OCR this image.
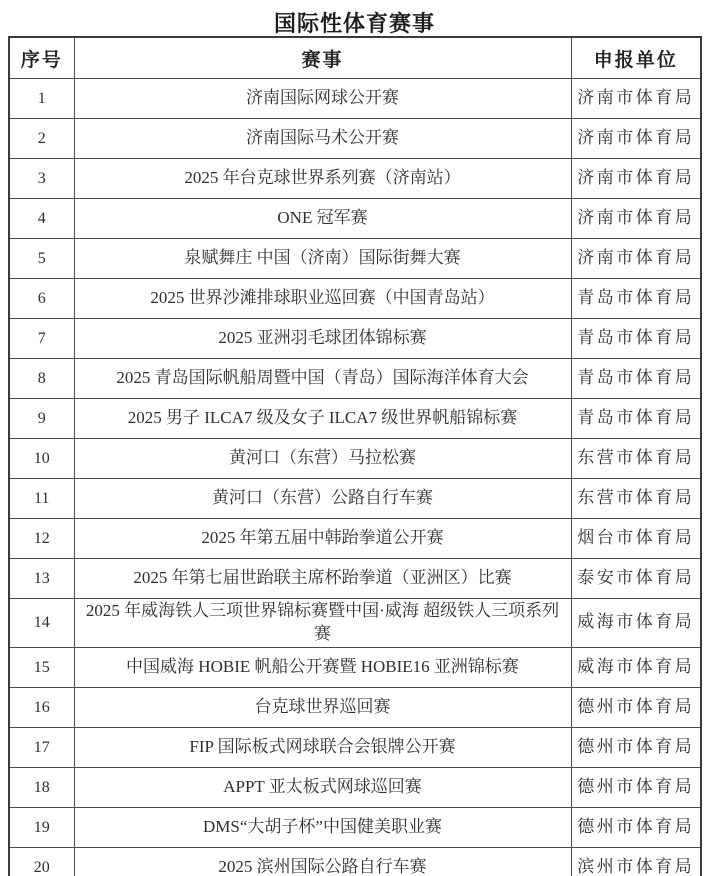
国际性体育赛事
序号	赛事	申报单位
1	济南国际网球公开赛	济南市体育局
2	济南国际马术公开赛	济南市体育局
3	2025 年台克球世界系列赛（济南站）	济南市体育局
4	ONE 冠军赛	济南市体育局
5	泉赋舞庄 中国（济南）国际街舞大赛	济南市体育局
6	2025 世界沙滩排球职业巡回赛（中国青岛站）	青岛市体育局
7	2025 亚洲羽毛球团体锦标赛	青岛市体育局
8	2025 青岛国际帆船周暨中国（青岛）国际海洋体育大会	青岛市体育局
9	2025 男子 ILCA7 级及女子 ILCA7 级世界帆船锦标赛	青岛市体育局
10	黄河口（东营）马拉松赛	东营市体育局
11	黄河口（东营）公路自行车赛	东营市体育局
12	2025 年第五届中韩跆拳道公开赛	烟台市体育局
13	2025 年第七届世跆联主席杯跆拳道（亚洲区）比赛	泰安市体育局
14	2025 年威海铁人三项世界锦标赛暨中国·威海 超级铁人三项系列赛	威海市体育局
15	中国威海 HOBIE 帆船公开赛暨 HOBIE16 亚洲锦标赛	威海市体育局
16	台克球世界巡回赛	德州市体育局
17	FIP 国际板式网球联合会银牌公开赛	德州市体育局
18	APPT 亚太板式网球巡回赛	德州市体育局
19	DMS“大胡子杯”中国健美职业赛	德州市体育局
20	2025 滨州国际公路自行车赛	滨州市体育局
